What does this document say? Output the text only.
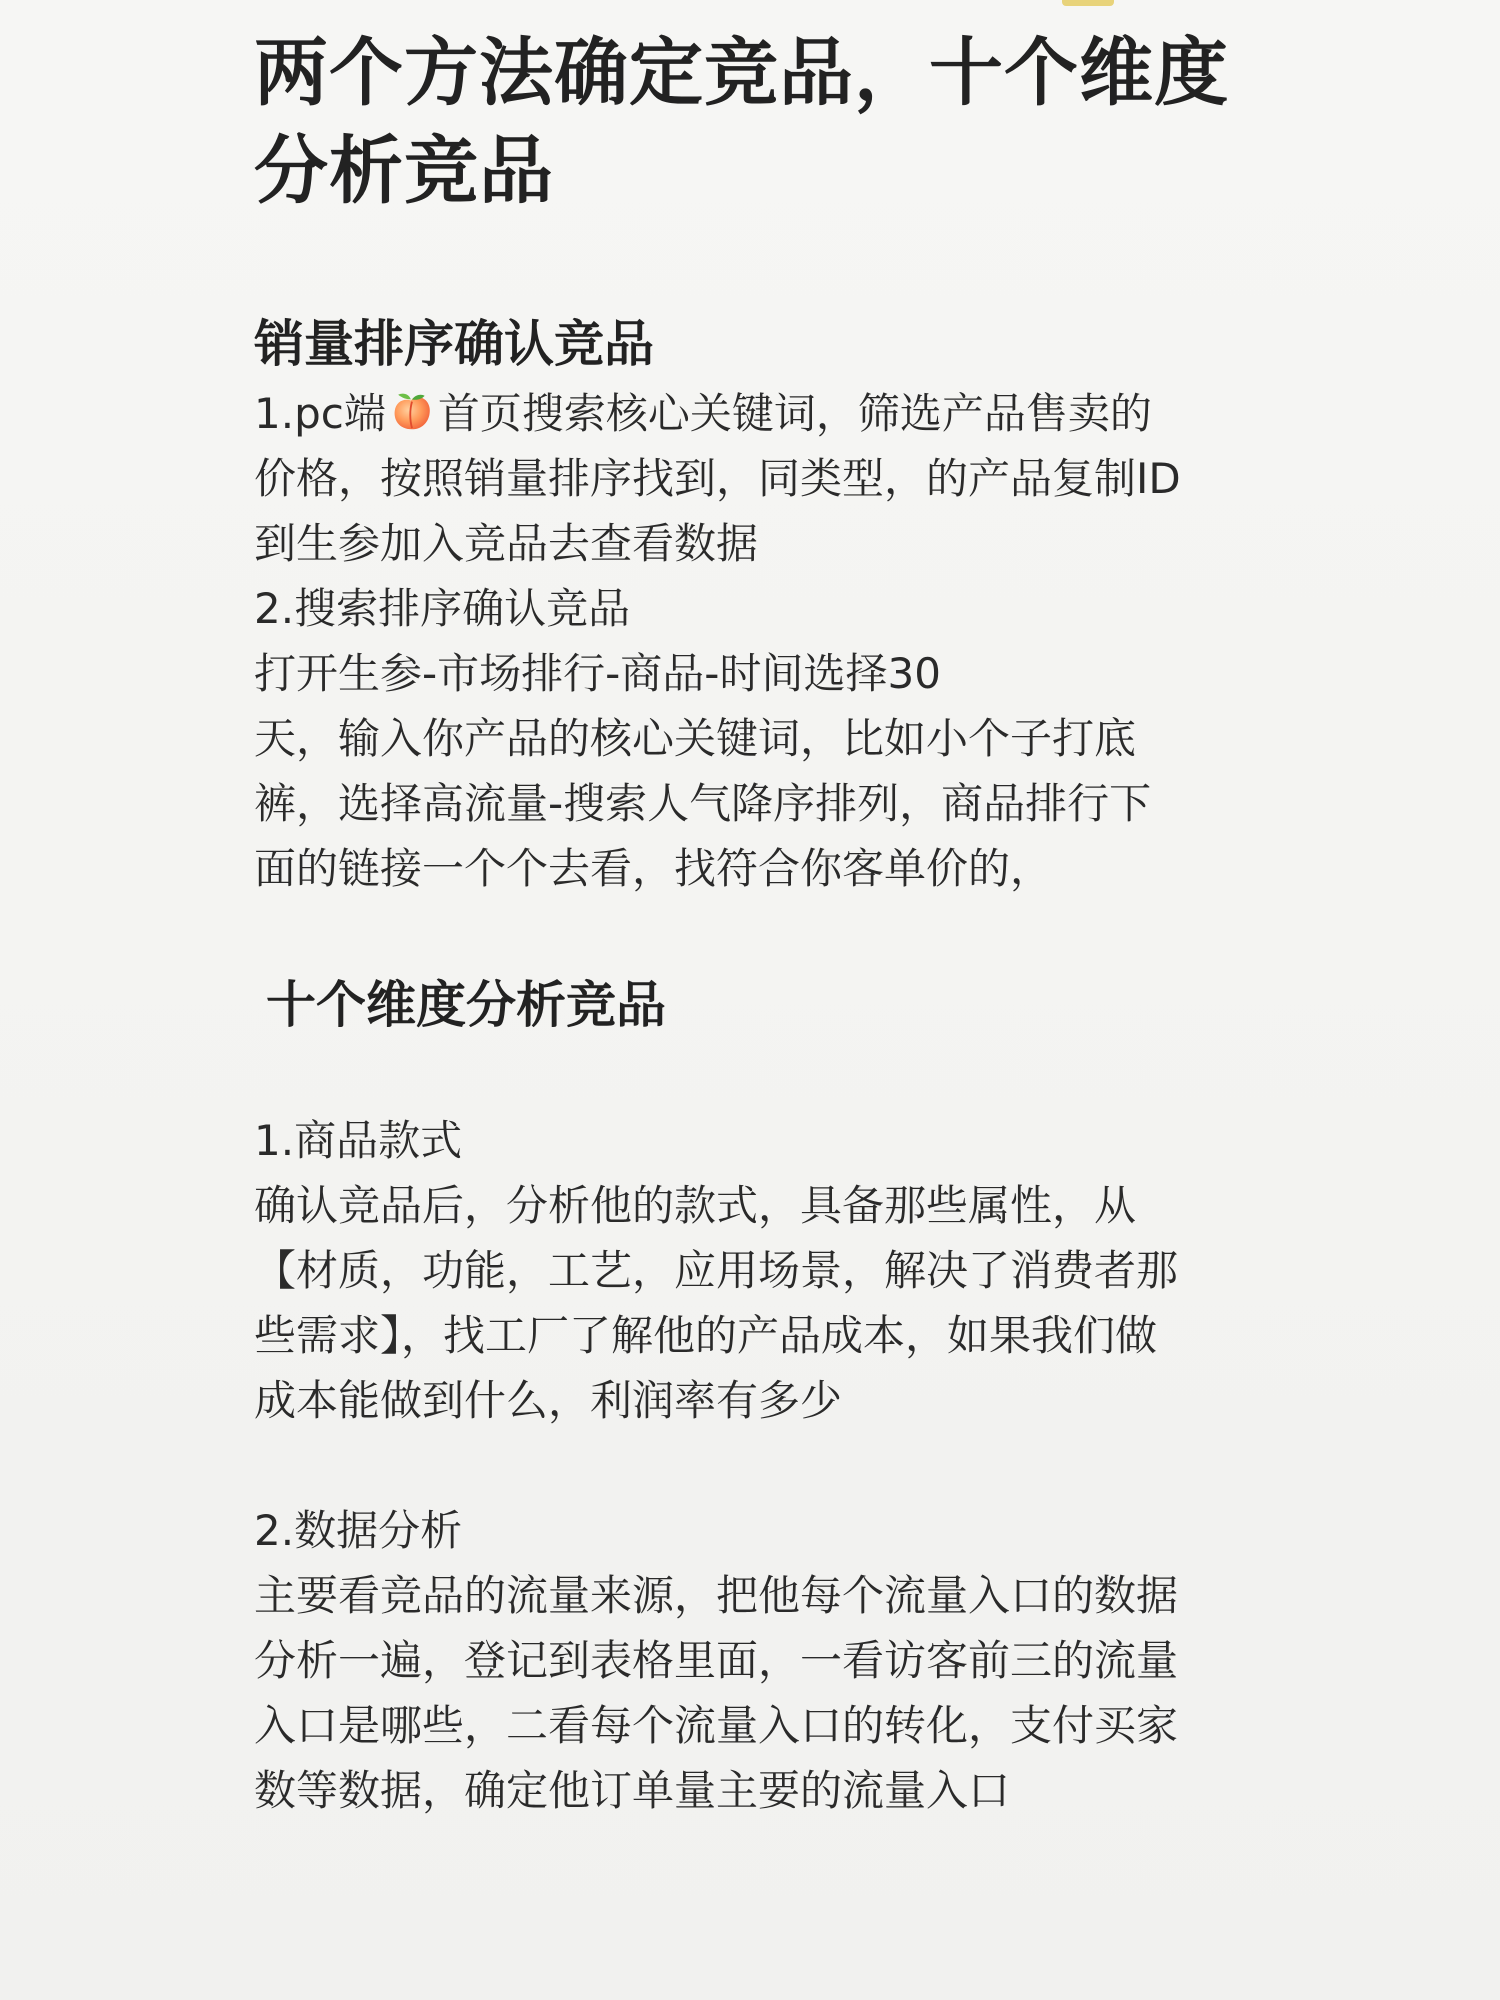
两个方法确定竞品，十个维度
分析竞品
销量排序确认竞品
1.pc端 首页搜索核心关键词，筛选产品售卖的
价格，按照销量排序找到，同类型，的产品复制ID
到生参加入竞品去查看数据
2.搜索排序确认竞品
打开生参-市场排行-商品-时间选择30
天，输入你产品的核心关键词，比如小个子打底
裤，选择高流量-搜索人气降序排列，商品排行下
面的链接一个个去看，找符合你客单价的，
十个维度分析竞品
1.商品款式
确认竞品后，分析他的款式，具备那些属性，从
【材质，功能，工艺，应用场景，解决了消费者那
些需求】，找工厂了解他的产品成本，如果我们做
成本能做到什么，利润率有多少
2.数据分析
主要看竞品的流量来源，把他每个流量入口的数据
分析一遍，登记到表格里面，一看访客前三的流量
入口是哪些，二看每个流量入口的转化，支付买家
数等数据，确定他订单量主要的流量入口
